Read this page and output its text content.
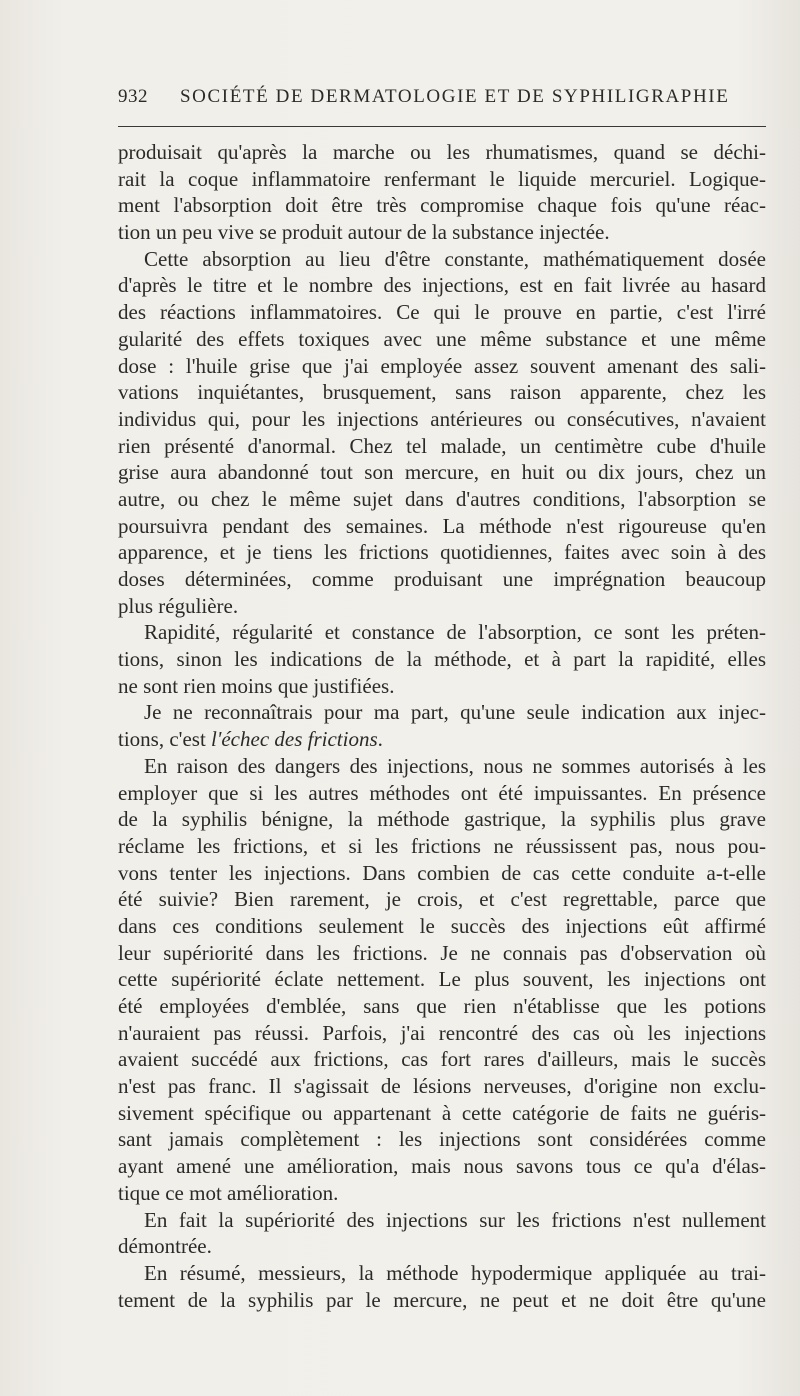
932	SOCIÉTÉ DE DERMATOLOGIE ET DE SYPHILIGRAPHIE
produisait qu'après la marche ou les rhumatismes, quand se déchi-
rait la coque inflammatoire renfermant le liquide mercuriel. Logique-
ment l'absorption doit être très compromise chaque fois qu'une réac-
tion un peu vive se produit autour de la substance injectée.
Cette absorption au lieu d'être constante, mathématiquement dosée
d'après le titre et le nombre des injections, est en fait livrée au hasard
des réactions inflammatoires. Ce qui le prouve en partie, c'est l'irré
gularité des effets toxiques avec une même substance et une même
dose : l'huile grise que j'ai employée assez souvent amenant des sali-
vations inquiétantes, brusquement, sans raison apparente, chez les
individus qui, pour les injections antérieures ou consécutives, n'avaient
rien présenté d'anormal. Chez tel malade, un centimètre cube d'huile
grise aura abandonné tout son mercure, en huit ou dix jours, chez un
autre, ou chez le même sujet dans d'autres conditions, l'absorption se
poursuivra pendant des semaines. La méthode n'est rigoureuse qu'en
apparence, et je tiens les frictions quotidiennes, faites avec soin à des
doses déterminées, comme produisant une imprégnation beaucoup
plus régulière.
Rapidité, régularité et constance de l'absorption, ce sont les préten-
tions, sinon les indications de la méthode, et à part la rapidité, elles
ne sont rien moins que justifiées.
Je ne reconnaîtrais pour ma part, qu'une seule indication aux injec-
tions, c'est l'échec des frictions.
En raison des dangers des injections, nous ne sommes autorisés à les
employer que si les autres méthodes ont été impuissantes. En présence
de la syphilis bénigne, la méthode gastrique, la syphilis plus grave
réclame les frictions, et si les frictions ne réussissent pas, nous pou-
vons tenter les injections. Dans combien de cas cette conduite a-t-elle
été suivie? Bien rarement, je crois, et c'est regrettable, parce que
dans ces conditions seulement le succès des injections eût affirmé
leur supériorité dans les frictions. Je ne connais pas d'observation où
cette supériorité éclate nettement. Le plus souvent, les injections ont
été employées d'emblée, sans que rien n'établisse que les potions
n'auraient pas réussi. Parfois, j'ai rencontré des cas où les injections
avaient succédé aux frictions, cas fort rares d'ailleurs, mais le succès
n'est pas franc. Il s'agissait de lésions nerveuses, d'origine non exclu-
sivement spécifique ou appartenant à cette catégorie de faits ne guéris-
sant jamais complètement : les injections sont considérées comme
ayant amené une amélioration, mais nous savons tous ce qu'a d'élas-
tique ce mot amélioration.
En fait la supériorité des injections sur les frictions n'est nullement
démontrée.
En résumé, messieurs, la méthode hypodermique appliquée au trai-
tement de la syphilis par le mercure, ne peut et ne doit être qu'une
